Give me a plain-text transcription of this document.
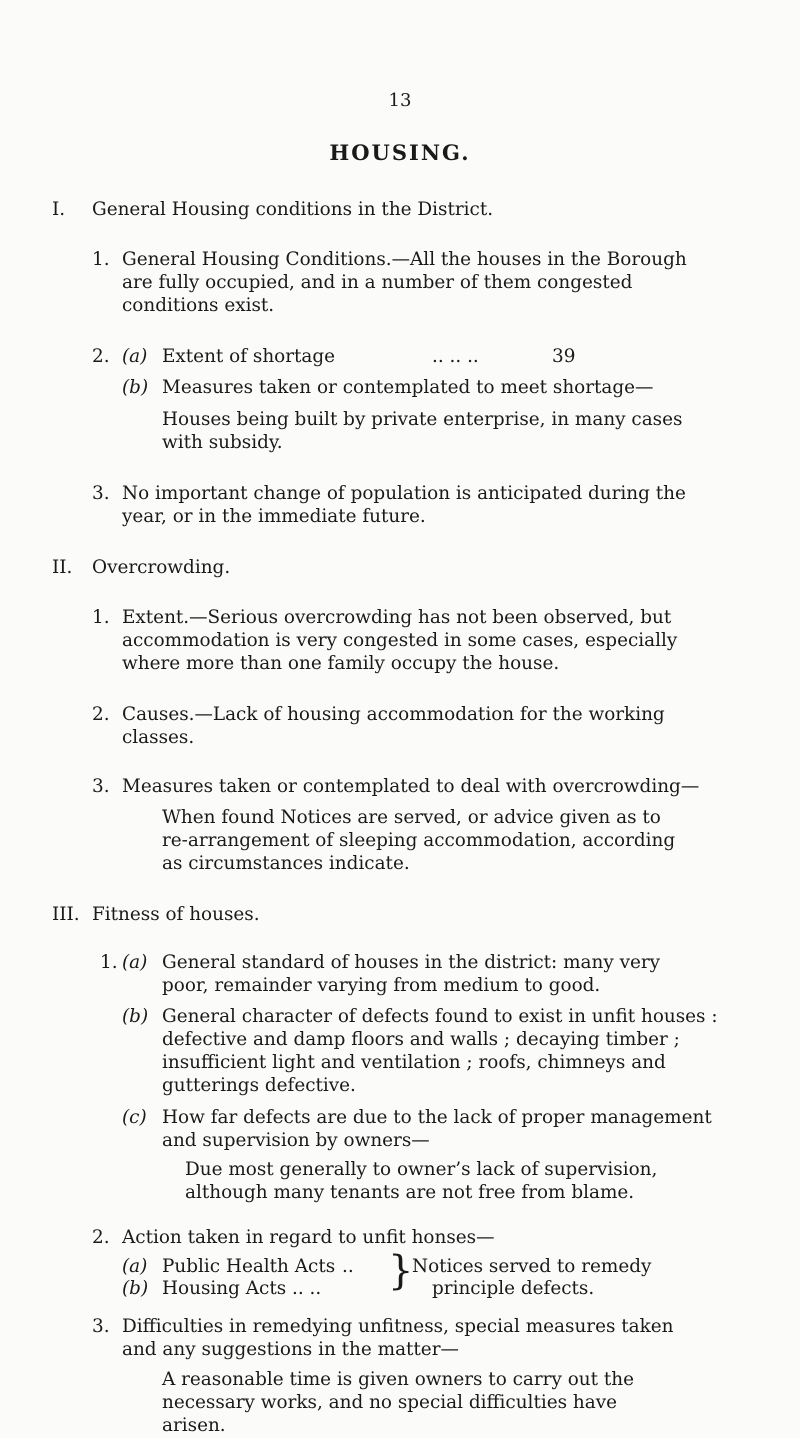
13
HOUSING.
I. General Housing conditions in the District.
1. General Housing Conditions.—All the houses in the Borough
are fully occupied, and in a number of them congested
conditions exist.
2. (a) Extent of shortage	.. .. ..	39
(b) Measures taken or contemplated to meet shortage—
Houses being built by private enterprise, in many cases
with subsidy.
3. No important change of population is anticipated during the
year, or in the immediate future.
II. Overcrowding.
1. Extent.—Serious overcrowding has not been observed, but
accommodation is very congested in some cases, especially
where more than one family occupy the house.
2. Causes.—Lack of housing accommodation for the working
classes.
3. Measures taken or contemplated to deal with overcrowding—
When found Notices are served, or advice given as to
re-arrangement of sleeping accommodation, according
as circumstances indicate.
III. Fitness of houses.
1. (a) General standard of houses in the district: many very
poor, remainder varying from medium to good.
(b) General character of defects found to exist in unfit houses :
defective and damp floors and walls ; decaying timber ;
insufficient light and ventilation ; roofs, chimneys and
gutterings defective.
(c) How far defects are due to the lack of proper management
and supervision by owners—
Due most generally to owner’s lack of supervision,
although many tenants are not free from blame.
2. Action taken in regard to unfit honses—
(a) Public Health Acts ..	Notices served to remedy
(b) Housing Acts .. ..	principle defects.
}
3. Difficulties in remedying unfitness, special measures taken
and any suggestions in the matter—
A reasonable time is given owners to carry out the
necessary works, and no special difficulties have
arisen.
